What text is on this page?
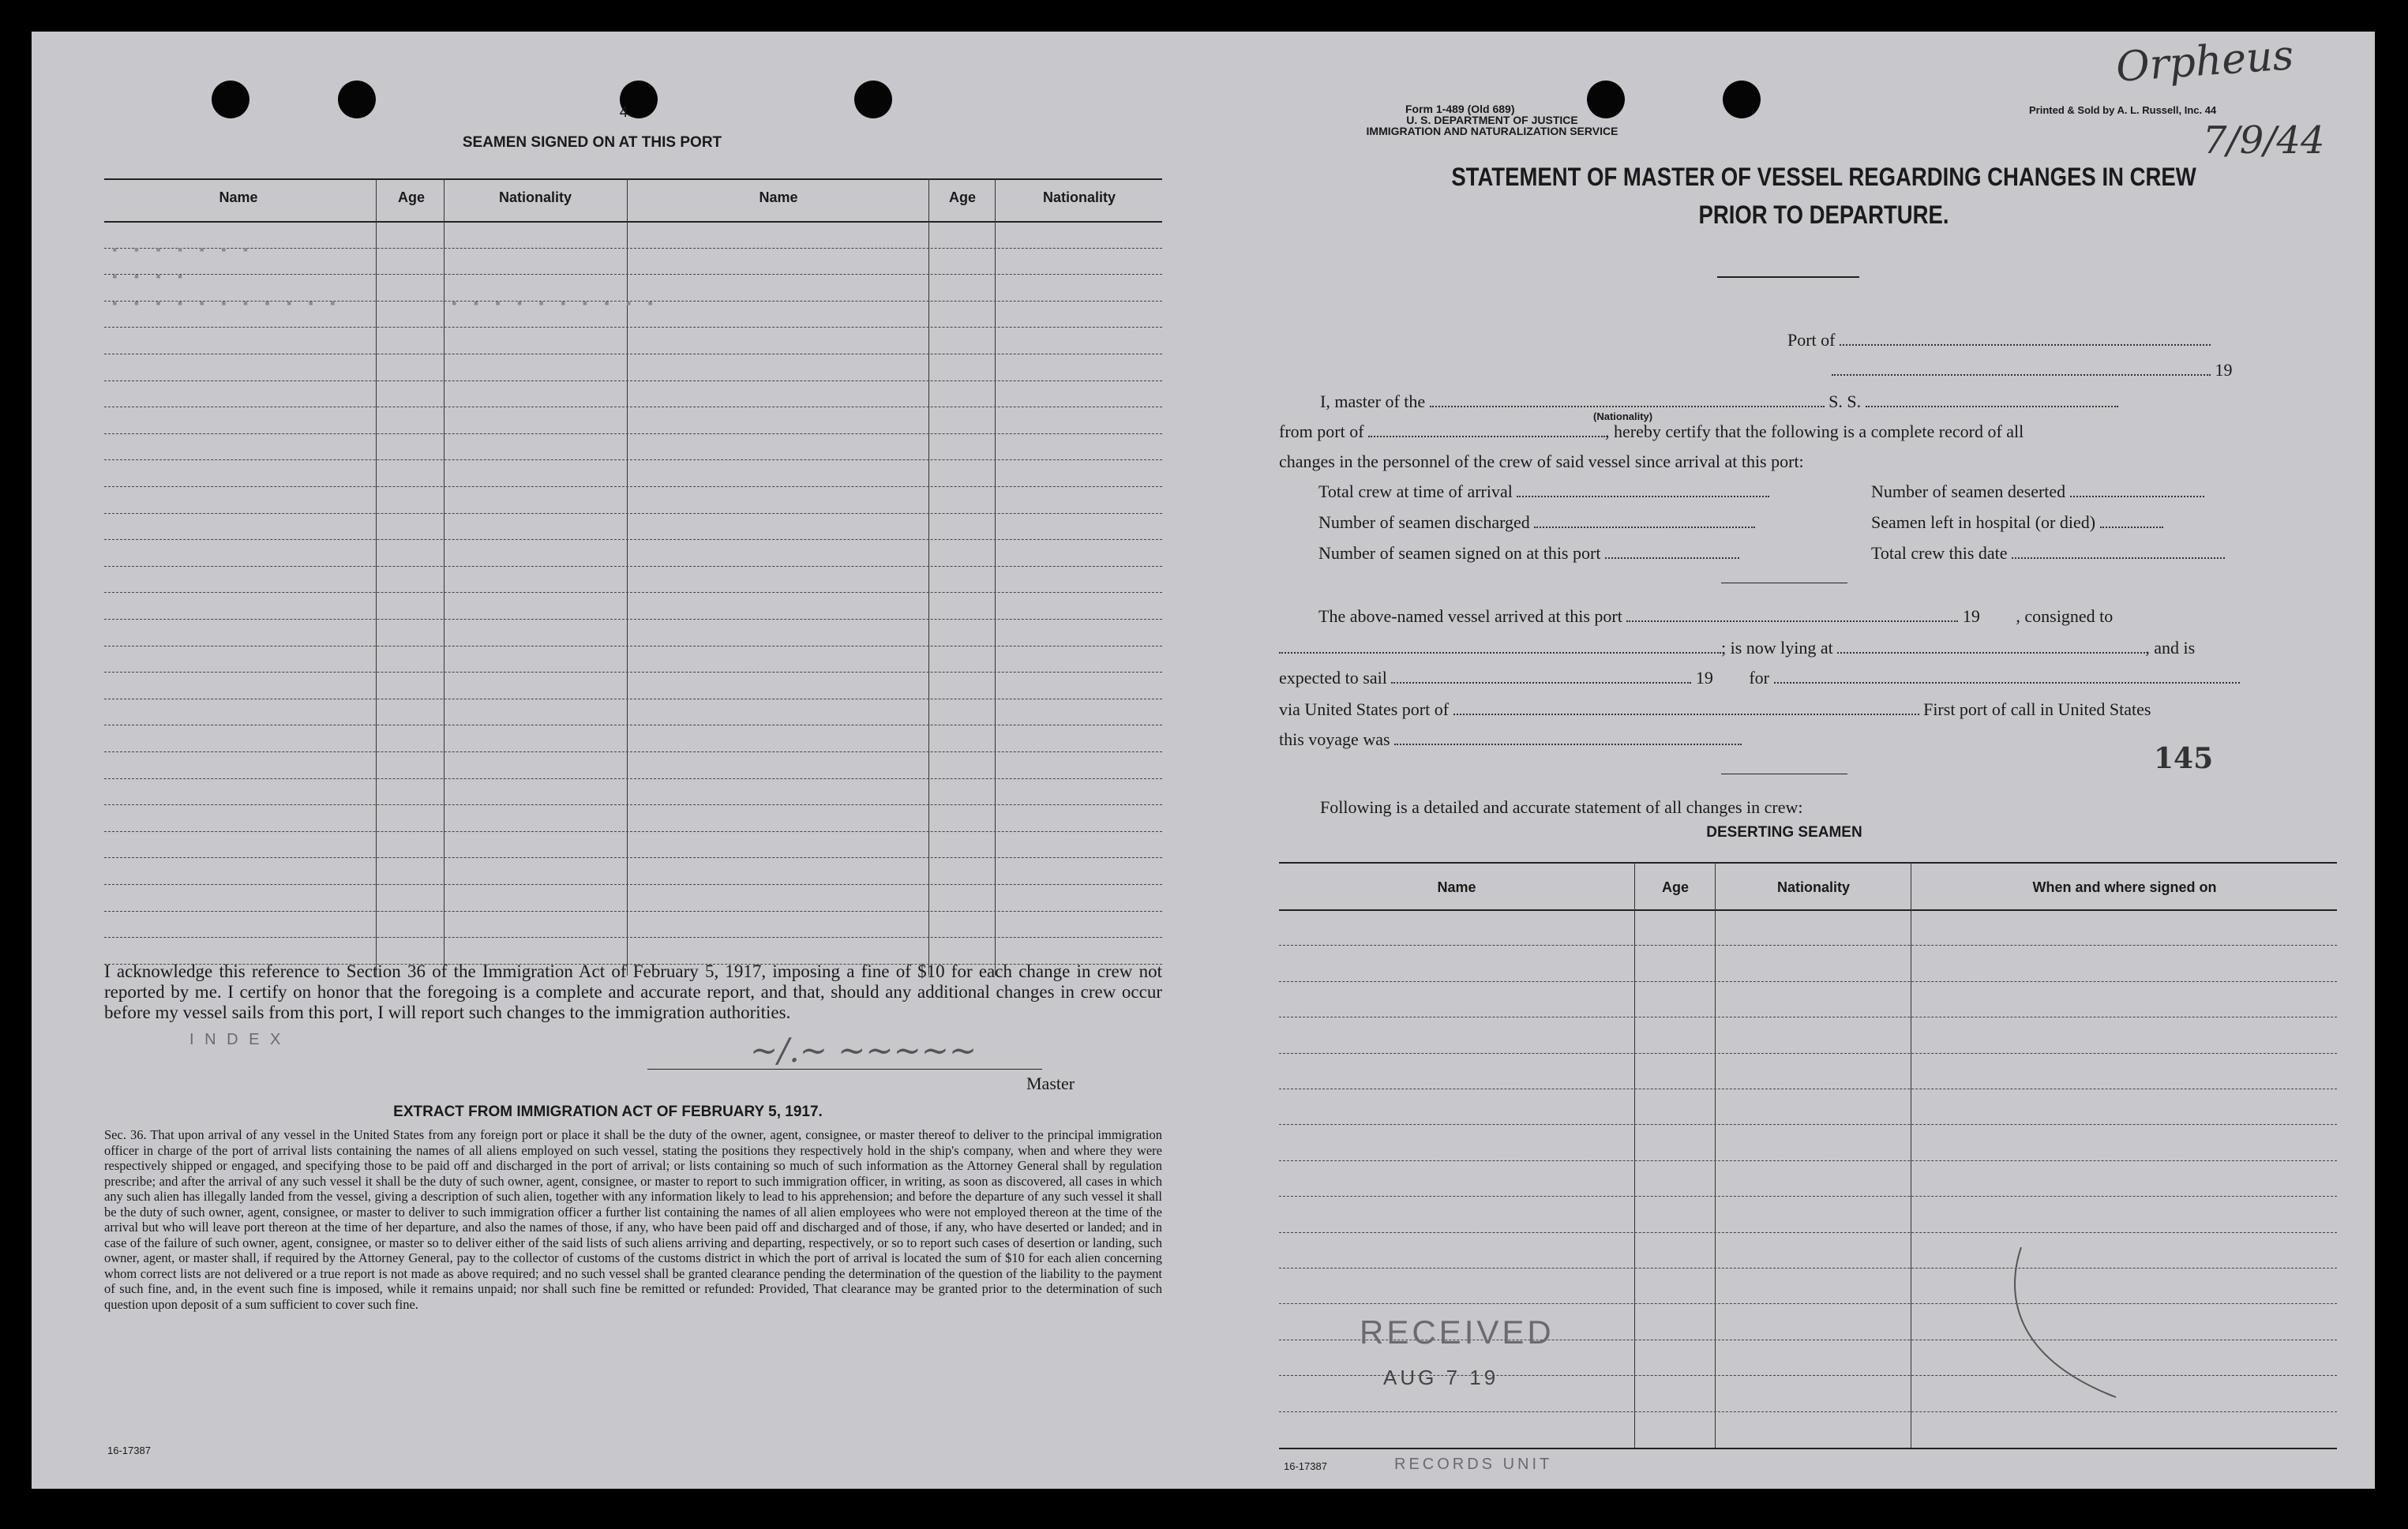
4
SEAMEN SIGNED ON AT THIS PORT
Name	Age	Nationality	Name	Age	Nationality
▪ ▪ ▪ ▪ ▪ ▪ ▪
▪ ▪ ▪ ▪
▪ ▪ ▪ ▪ ▪ ▪ ▪ ▪ ▪ ▪ ▪	▪ ▪ ▪ ▪ ▪ ▪ ▪ ▪ ▪ ▪
I acknowledge this reference to Section 36 of the Immigration Act of February 5, 1917, imposing a fine of $10 for each change in crew not reported by me. I certify on honor that the foregoing is a complete and accurate report, and that, should any additional changes in crew occur before my vessel sails from this port, I will report such changes to the immigration authorities.
I N D E X	~/.~ ~~~~~
Master
EXTRACT FROM IMMIGRATION ACT OF FEBRUARY 5, 1917.
Sec. 36. That upon arrival of any vessel in the United States from any foreign port or place it shall be the duty of the owner, agent, consignee, or master thereof to deliver to the principal immigration officer in charge of the port of arrival lists containing the names of all aliens employed on such vessel, stating the positions they respectively hold in the ship's company, when and where they were respectively shipped or engaged, and specifying those to be paid off and discharged in the port of arrival; or lists containing so much of such information as the Attorney General shall by regulation prescribe; and after the arrival of any such vessel it shall be the duty of such owner, agent, consignee, or master to report to such immigration officer, in writing, as soon as discovered, all cases in which any such alien has illegally landed from the vessel, giving a description of such alien, together with any information likely to lead to his apprehension; and before the departure of any such vessel it shall be the duty of such owner, agent, consignee, or master to deliver to such immigration officer a further list containing the names of all alien employees who were not employed thereon at the time of the arrival but who will leave port thereon at the time of her departure, and also the names of those, if any, who have been paid off and discharged and of those, if any, who have deserted or landed; and in case of the failure of such owner, agent, consignee, or master so to deliver either of the said lists of such aliens arriving and departing, respectively, or so to report such cases of desertion or landing, such owner, agent, or master shall, if required by the Attorney General, pay to the collector of customs of the customs district in which the port of arrival is located the sum of $10 for each alien concerning whom correct lists are not delivered or a true report is not made as above required; and no such vessel shall be granted clearance pending the determination of the question of the liability to the payment of such fine, and, in the event such fine is imposed, while it remains unpaid; nor shall such fine be remitted or refunded: Provided, That clearance may be granted prior to the determination of such question upon deposit of a sum sufficient to cover such fine.
16-17387
Orpheus
7/9/44
Form 1-489 (Old 689)
U. S. DEPARTMENT OF JUSTICE
IMMIGRATION AND NATURALIZATION SERVICE
Printed & Sold by A. L. Russell, Inc. 44
STATEMENT OF MASTER OF VESSEL REGARDING CHANGES IN CREW
PRIOR TO DEPARTURE.
Port of
19
I, master of the	S. S.
(Nationality)
from port of	, hereby certify that the following is a complete record of all
changes in the personnel of the crew of said vessel since arrival at this port:
Total crew at time of arrival	Number of seamen deserted
Number of seamen discharged	Seamen left in hospital (or died)
Number of seamen signed on at this port	Total crew this date
The above-named vessel arrived at this port	19 , consigned to
; is now lying at	, and is
expected to sail	19 for
via United States port of	First port of call in United States
this voyage was
145
Following is a detailed and accurate statement of all changes in crew:
DESERTING SEAMEN
Name	Age	Nationality	When and where signed on
RECEIVED
AUG 7 19
16-17387	RECORDS UNIT
